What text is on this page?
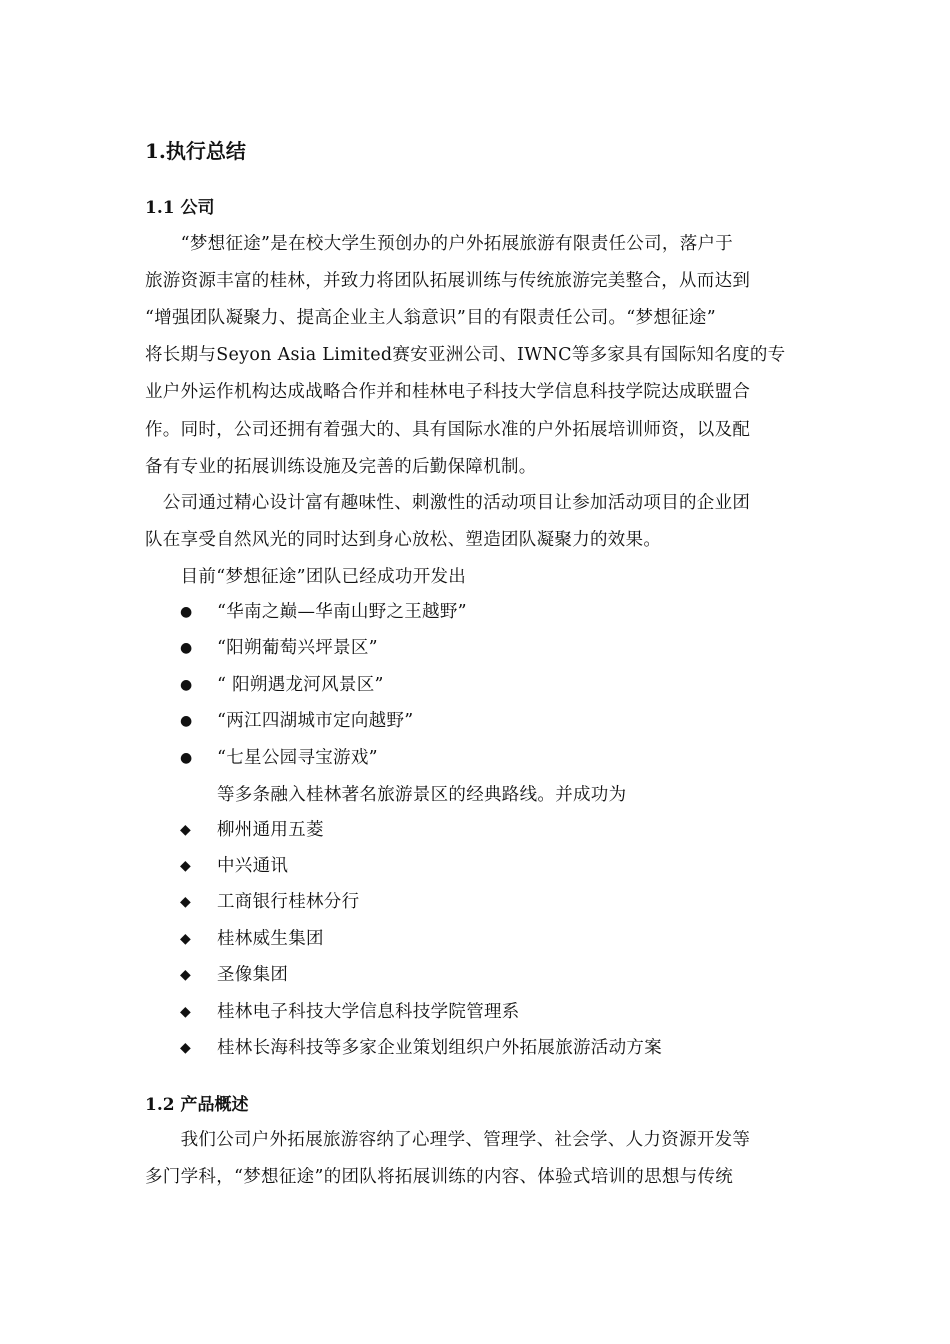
1.执行总结
1.1 公司
　　“梦想征途”是在校大学生预创办的户外拓展旅游有限责任公司，落户于
旅游资源丰富的桂林，并致力将团队拓展训练与传统旅游完美整合，从而达到
“增强团队凝聚力、提高企业主人翁意识”目的有限责任公司。“梦想征途”
将长期与Seyon Asia Limited赛安亚洲公司、IWNC等多家具有国际知名度的专
业户外运作机构达成战略合作并和桂林电子科技大学信息科技学院达成联盟合
作。同时，公司还拥有着强大的、具有国际水准的户外拓展培训师资，以及配
备有专业的拓展训练设施及完善的后勤保障机制。
　公司通过精心设计富有趣味性、刺激性的活动项目让参加活动项目的企业团
队在享受自然风光的同时达到身心放松、塑造团队凝聚力的效果。
　　目前“梦想征途”团队已经成功开发出
●	“华南之巅—华南山野之王越野”
●	“阳朔葡萄兴坪景区”
●	“ 阳朔遇龙河风景区”
●	“两江四湖城市定向越野”
●	“七星公园寻宝游戏”
等多条融入桂林著名旅游景区的经典路线。并成功为
◆	柳州通用五菱
◆	中兴通讯
◆	工商银行桂林分行
◆	桂林威生集团
◆	圣像集团
◆	桂林电子科技大学信息科技学院管理系
◆	桂林长海科技等多家企业策划组织户外拓展旅游活动方案
1.2 产品概述
　　我们公司户外拓展旅游容纳了心理学、管理学、社会学、人力资源开发等
多门学科，“梦想征途”的团队将拓展训练的内容、体验式培训的思想与传统
